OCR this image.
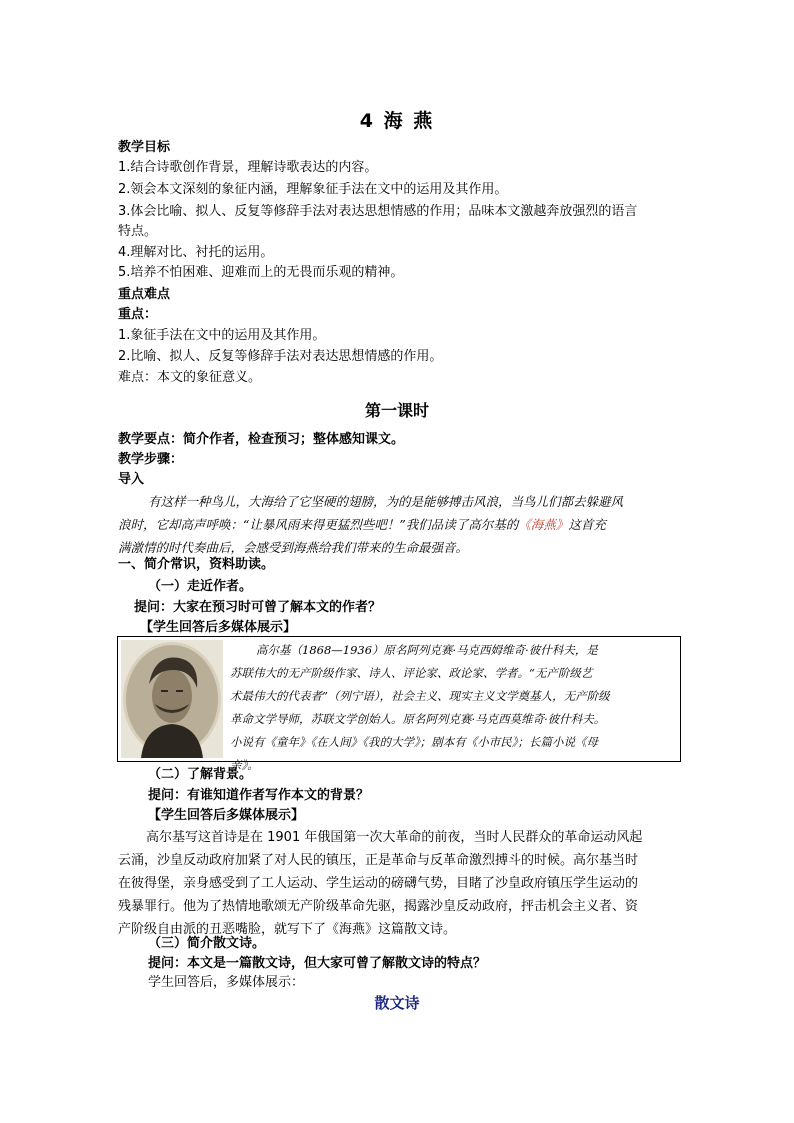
4 海 燕
教学目标
1.结合诗歌创作背景，理解诗歌表达的内容。
2.领会本文深刻的象征内涵，理解象征手法在文中的运用及其作用。
3.体会比喻、拟人、反复等修辞手法对表达思想情感的作用；品味本文激越奔放强烈的语言
特点。
4.理解对比、衬托的运用。
5.培养不怕困难、迎难而上的无畏而乐观的精神。
重点难点
重点：
1.象征手法在文中的运用及其作用。
2.比喻、拟人、反复等修辞手法对表达思想情感的作用。
难点：本文的象征意义。
第一课时
教学要点：简介作者，检查预习；整体感知课文。
教学步骤：
导入
有这样一种鸟儿，大海给了它坚硬的翅膀，为的是能够搏击风浪，当鸟儿们都去躲避风
浪时，它却高声呼唤：“让暴风雨来得更猛烈些吧！”我们品读了高尔基的《海燕》这首充
满激情的时代奏曲后，会感受到海燕给我们带来的生命最强音。
一、简介常识，资料助读。
（一）走近作者。
提问：大家在预习时可曾了解本文的作者？
【学生回答后多媒体展示】
高尔基（1868—1936）原名阿列克赛·马克西姆维奇·彼什科夫，是
苏联伟大的无产阶级作家、诗人、评论家、政论家、学者。“无产阶级艺
术最伟大的代表者”（列宁语），社会主义、现实主义文学奠基人，无产阶级
革命文学导师，苏联文学创始人。原名阿列克赛·马克西莫维奇·彼什科夫。
小说有《童年》《在人间》《我的大学》；剧本有《小市民》；长篇小说《母
亲》。
（二）了解背景。
提问：有谁知道作者写作本文的背景？
【学生回答后多媒体展示】
高尔基写这首诗是在 1901 年俄国第一次大革命的前夜，当时人民群众的革命运动风起
云涌，沙皇反动政府加紧了对人民的镇压，正是革命与反革命激烈搏斗的时候。高尔基当时
在彼得堡，亲身感受到了工人运动、学生运动的磅礴气势，目睹了沙皇政府镇压学生运动的
残暴罪行。他为了热情地歌颂无产阶级革命先驱，揭露沙皇反动政府，抨击机会主义者、资
产阶级自由派的丑恶嘴脸，就写下了《海燕》这篇散文诗。
（三）简介散文诗。
提问：本文是一篇散文诗，但大家可曾了解散文诗的特点？
学生回答后，多媒体展示：
散文诗
